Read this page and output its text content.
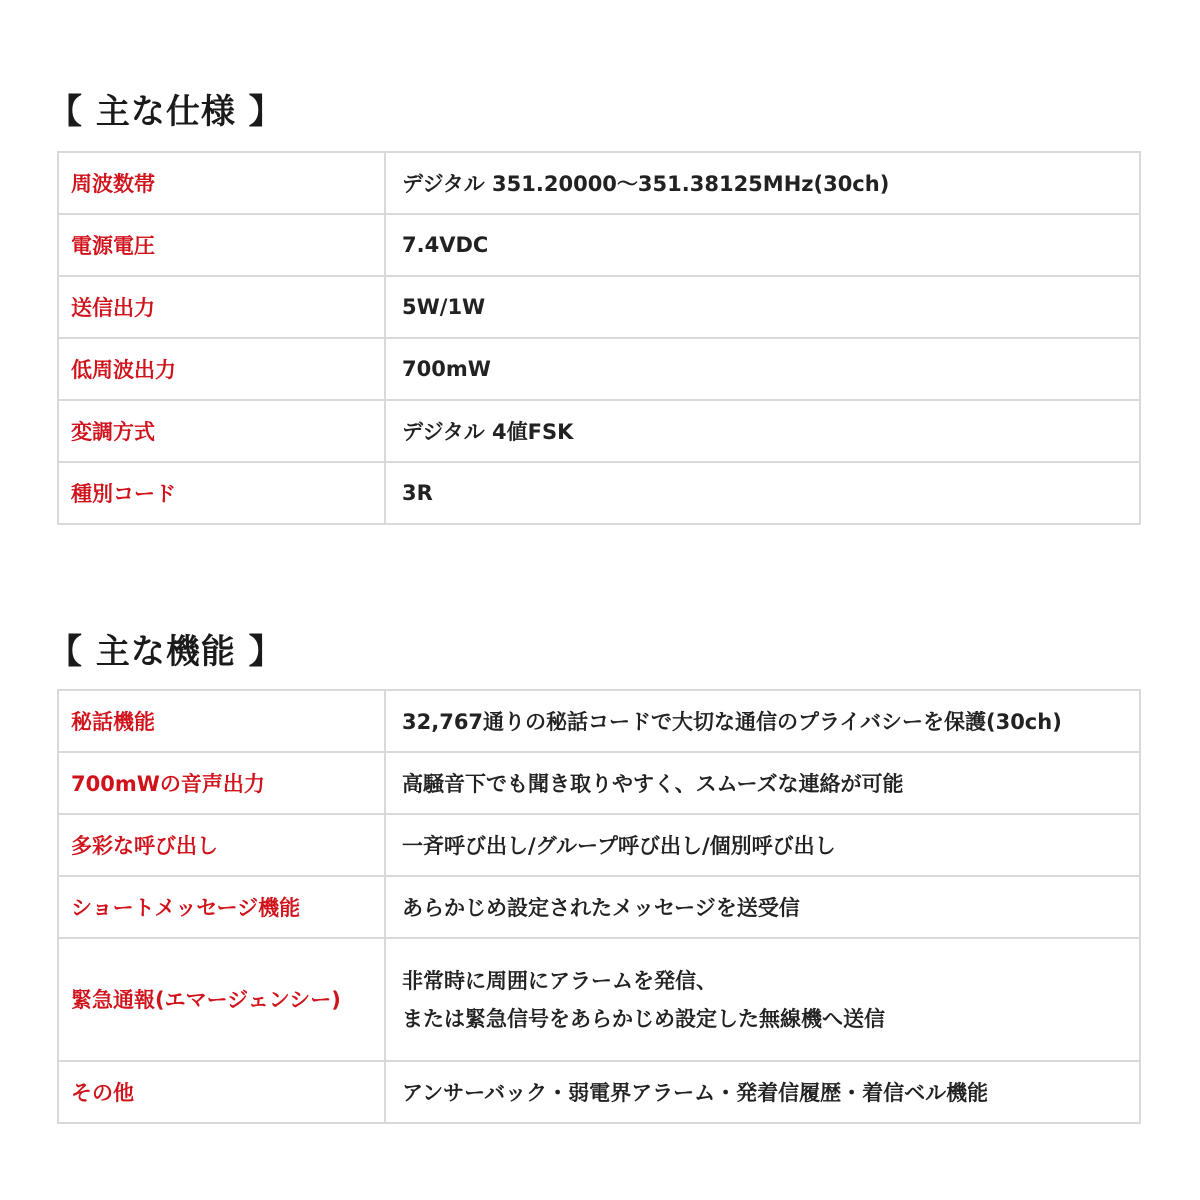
【 主な仕様 】
周波数帯	デジタル 351.20000〜351.38125MHz(30ch)
電源電圧	7.4VDC
送信出力	5W/1W
低周波出力	700mW
変調方式	デジタル 4値FSK
種別コード	3R
【 主な機能 】
秘話機能	32,767通りの秘話コードで大切な通信のプライバシーを保護(30ch)
700mWの音声出力	高騒音下でも聞き取りやすく、スムーズな連絡が可能
多彩な呼び出し	一斉呼び出し/グループ呼び出し/個別呼び出し
ショートメッセージ機能	あらかじめ設定されたメッセージを送受信
緊急通報(エマージェンシー)	非常時に周囲にアラームを発信、
または緊急信号をあらかじめ設定した無線機へ送信

その他	アンサーバック・弱電界アラーム・発着信履歴・着信ベル機能
